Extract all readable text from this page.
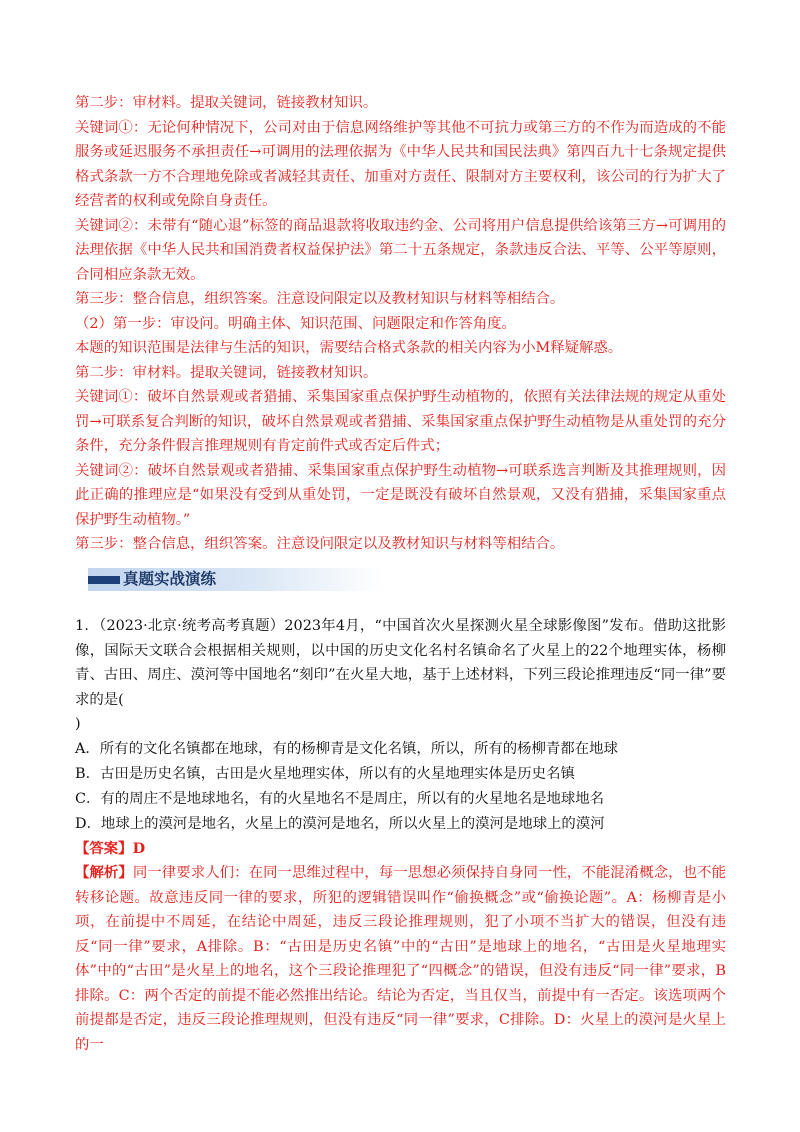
第二步：审材料。提取关键词，链接教材知识。

关键词①：无论何种情况下，公司对由于信息网络维护等其他不可抗力或第三方的不作为而造成的不能服务或延迟服务不承担责任→可调用的法理依据为《中华人民共和国民法典》第四百九十七条规定提供格式条款一方不合理地免除或者减轻其责任、加重对方责任、限制对方主要权利，该公司的行为扩大了经营者的权利或免除自身责任。

关键词②：未带有“随心退”标签的商品退款将收取违约金、公司将用户信息提供给该第三方→可调用的法理依据《中华人民共和国消费者权益保护法》第二十五条规定，条款违反合法、平等、公平等原则，合同相应条款无效。

第三步：整合信息，组织答案。注意设问限定以及教材知识与材料等相结合。

（2）第一步：审设问。明确主体、知识范围、问题限定和作答角度。

本题的知识范围是法律与生活的知识，需要结合格式条款的相关内容为小M释疑解惑。

第二步：审材料。提取关键词，链接教材知识。

关键词①：破坏自然景观或者猎捕、采集国家重点保护野生动植物的，依照有关法律法规的规定从重处罚→可联系复合判断的知识，破坏自然景观或者猎捕、采集国家重点保护野生动植物是从重处罚的充分条件，充分条件假言推理规则有肯定前件式或否定后件式；

关键词②：破坏自然景观或者猎捕、采集国家重点保护野生动植物→可联系选言判断及其推理规则，因此正确的推理应是“如果没有受到从重处罚，一定是既没有破坏自然景观，又没有猎捕，采集国家重点保护野生动植物。”

第三步：整合信息，组织答案。注意设问限定以及教材知识与材料等相结合。

真题实战演练

1．（2023·北京·统考高考真题）2023年4月，“中国首次火星探测火星全球影像图”发布。借助这批影像，国际天文联合会根据相关规则，以中国的历史文化名村名镇命名了火星上的22个地理实体，杨柳青、古田、周庄、漠河等中国地名“刻印”在火星大地，基于上述材料，下列三段论推理违反“同一律”要求的是(

)

A．所有的文化名镇都在地球，有的杨柳青是文化名镇，所以，所有的杨柳青都在地球

B．古田是历史名镇，古田是火星地理实体，所以有的火星地理实体是历史名镇

C．有的周庄不是地球地名，有的火星地名不是周庄，所以有的火星地名是地球地名

D．地球上的漠河是地名，火星上的漠河是地名，所以火星上的漠河是地球上的漠河

【答案】D

【解析】同一律要求人们：在同一思维过程中，每一思想必须保持自身同一性，不能混淆概念，也不能转移论题。故意违反同一律的要求，所犯的逻辑错误叫作“偷换概念”或“偷换论题”。A：杨柳青是小项，在前提中不周延，在结论中周延，违反三段论推理规则，犯了小项不当扩大的错误，但没有违反“同一律”要求，A排除。B：“古田是历史名镇”中的“古田”是地球上的地名，“古田是火星地理实体”中的“古田”是火星上的地名，这个三段论推理犯了“四概念”的错误，但没有违反“同一律”要求，B排除。C：两个否定的前提不能必然推出结论。结论为否定，当且仅当，前提中有一否定。该选项两个前提都是否定，违反三段论推理规则，但没有违反“同一律”要求，C排除。D：火星上的漠河是火星上的一
